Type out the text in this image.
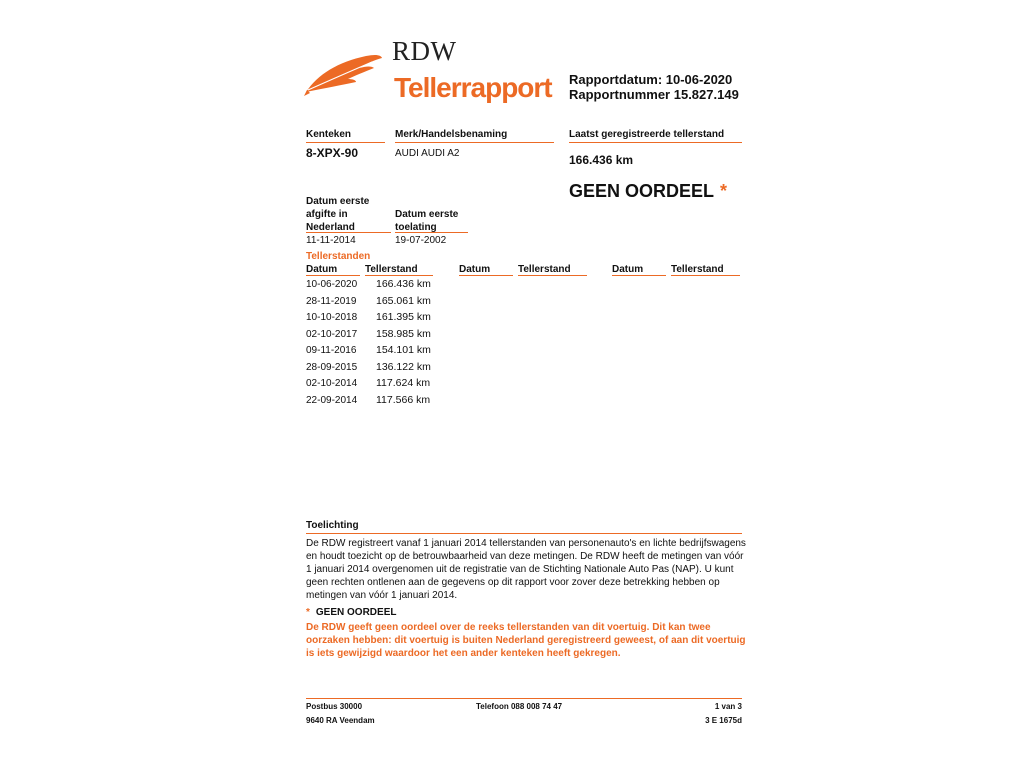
RDW
Tellerrapport Rapportdatum: 10-06-2020
Rapportnummer 15.827.149
Kenteken
8-XPX-90
Merk/Handelsbenaming
AUDI AUDI A2
Laatst geregistreerde tellerstand
166.436 km
GEEN OORDEEL *
Datum eerste
afgifte in
Nederland
11-11-2014
Datum eerste
toelating
19-07-2002
Tellerstanden
Datum	Tellerstand	Datum	Tellerstand	Datum	Tellerstand
10-06-2020 166.436 km
28-11-2019 165.061 km
10-10-2018 161.395 km
02-10-2017 158.985 km
09-11-2016 154.101 km
28-09-2015 136.122 km
02-10-2014 117.624 km
22-09-2014 117.566 km
Toelichting
De RDW registreert vanaf 1 januari 2014 tellerstanden van personenauto's en lichte bedrijfswagens en houdt toezicht op de betrouwbaarheid van deze metingen. De RDW heeft de metingen van vóór 1 januari 2014 overgenomen uit de registratie van de Stichting Nationale Auto Pas (NAP). U kunt geen rechten ontlenen aan de gegevens op dit rapport voor zover deze betrekking hebben op metingen van vóór 1 januari 2014.
* GEEN OORDEEL
De RDW geeft geen oordeel over de reeks tellerstanden van dit voertuig. Dit kan twee oorzaken hebben: dit voertuig is buiten Nederland geregistreerd geweest, of aan dit voertuig is iets gewijzigd waardoor het een ander kenteken heeft gekregen.
Postbus 30000
9640 RA Veendam
Telefoon 088 008 74 47	1 van 3
3 E 1675d
